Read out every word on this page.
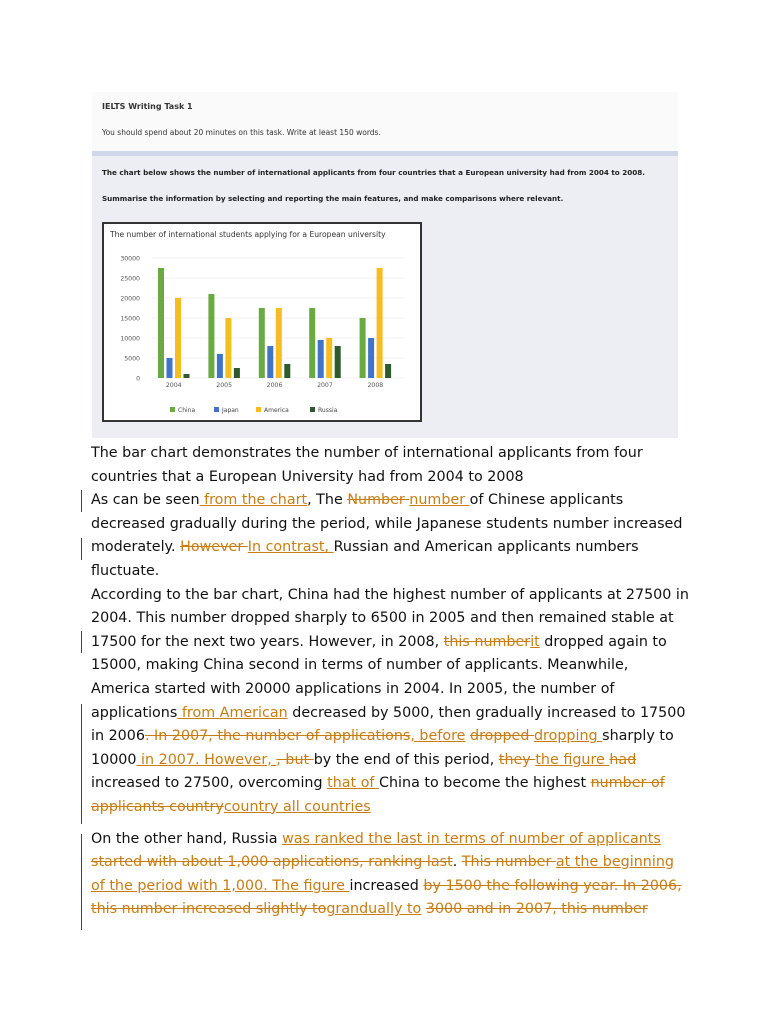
IELTS Writing Task 1
You should spend about 20 minutes on this task. Write at least 150 words.
The chart below shows the number of international applicants from four countries that a European university had from 2004 to 2008.
Summarise the information by selecting and reporting the main features, and make comparisons where relevant.
The number of international students applying for a European university
30000
25000
20000
15000
10000
5000
0
2004	2005	2006	2007	2008
China	Japan	America	Russia

The bar chart demonstrates the number of international applicants from four countries that a European University had from 2004 to 2008
As can be seen from the chart, The Number number of Chinese applicants decreased gradually during the period, while Japanese students number increased moderately. However In contrast, Russian and American applicants numbers fluctuate.
According to the bar chart, China had the highest number of applicants at 27500 in 2004. This number dropped sharply to 6500 in 2005 and then remained stable at 17500 for the next two years. However, in 2008, this numberit dropped again to 15000, making China second in terms of number of applicants. Meanwhile, America started with 20000 applications in 2004. In 2005, the number of applications from American decreased by 5000, then gradually increased to 17500 in 2006. In 2007, the number of applications, before dropped dropping sharply to 10000 in 2007. However, , but by the end of this period, they the figure had increased to 27500, overcoming that of China to become the highest number of applicants countrycountry all countries

On the other hand, Russia was ranked the last in terms of number of applicants started with about 1,000 applications, ranking last. This number at the beginning of the period with 1,000. The figure increased by 1500 the following year. In 2006, this number increased slightly tograndually to 3000 and in 2007, this number
